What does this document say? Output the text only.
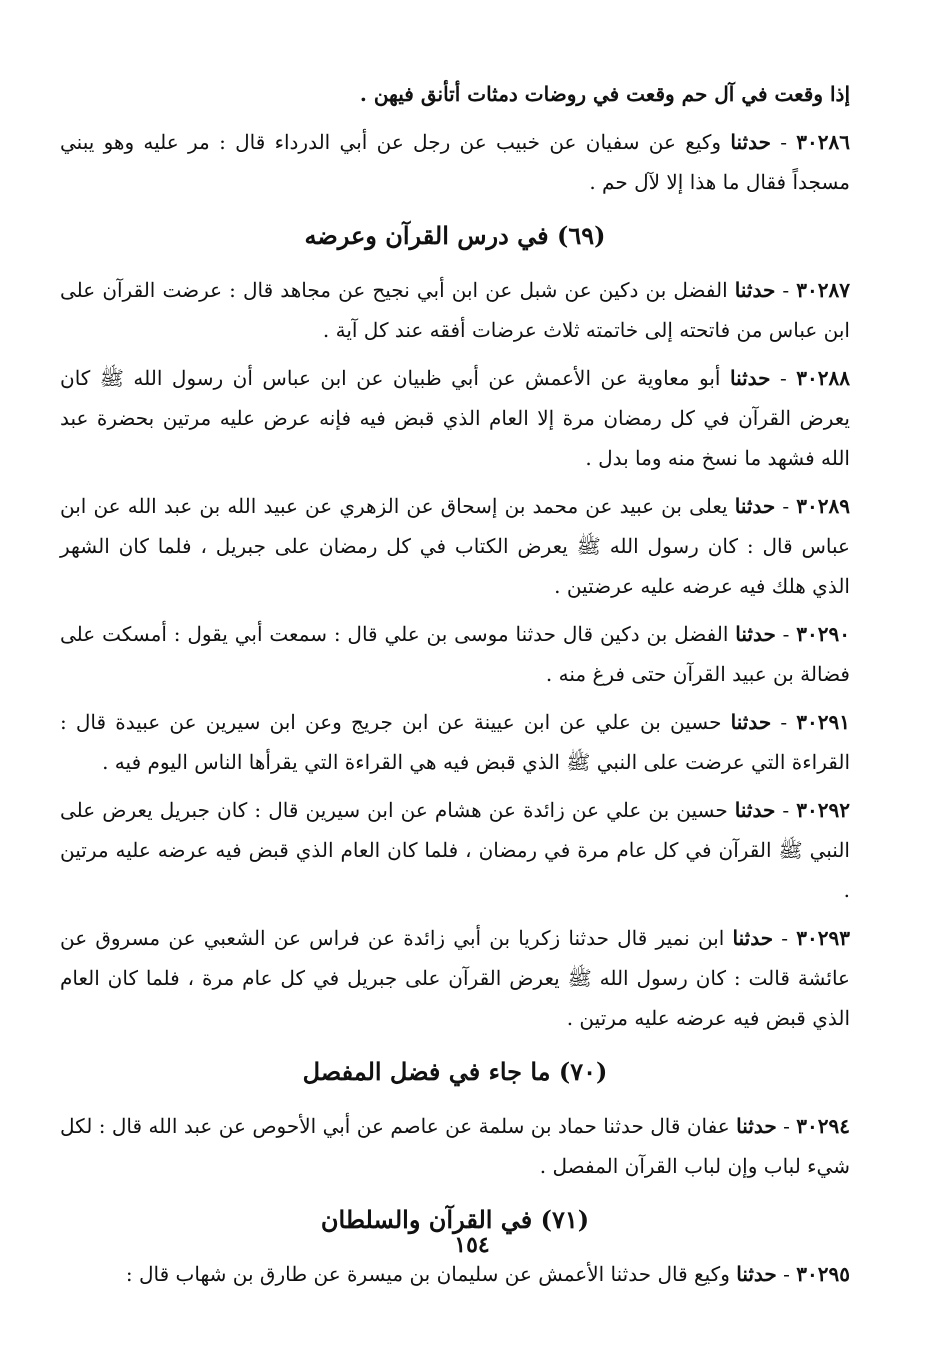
إذا وقعت في آل حم وقعت في روضات دمثات أتأنق فيهن .

٣٠٢٨٦ - حدثنا وكيع عن سفيان عن خبيب عن رجل عن أبي الدرداء قال : مر عليه وهو يبني مسجداً فقال ما هذا إلا لآل حم .

(٦٩) في درس القرآن وعرضه

٣٠٢٨٧ - حدثنا الفضل بن دكين عن شبل عن ابن أبي نجيح عن مجاهد قال : عرضت القرآن على ابن عباس من فاتحته إلى خاتمته ثلاث عرضات أفقه عند كل آية .

٣٠٢٨٨ - حدثنا أبو معاوية عن الأعمش عن أبي ظبيان عن ابن عباس أن رسول الله ﷺ كان يعرض القرآن في كل رمضان مرة إلا العام الذي قبض فيه فإنه عرض عليه مرتين بحضرة عبد الله فشهد ما نسخ منه وما بدل .

٣٠٢٨٩ - حدثنا يعلى بن عبيد عن محمد بن إسحاق عن الزهري عن عبيد الله بن عبد الله عن ابن عباس قال : كان رسول الله ﷺ يعرض الكتاب في كل رمضان على جبريل ، فلما كان الشهر الذي هلك فيه عرضه عليه عرضتين .

٣٠٢٩٠ - حدثنا الفضل بن دكين قال حدثنا موسى بن علي قال : سمعت أبي يقول : أمسكت على فضالة بن عبيد القرآن حتى فرغ منه .

٣٠٢٩١ - حدثنا حسين بن علي عن ابن عيينة عن ابن جريج وعن ابن سيرين عن عبيدة قال : القراءة التي عرضت على النبي ﷺ الذي قبض فيه هي القراءة التي يقرأها الناس اليوم فيه .

٣٠٢٩٢ - حدثنا حسين بن علي عن زائدة عن هشام عن ابن سيرين قال : كان جبريل يعرض على النبي ﷺ القرآن في كل عام مرة في رمضان ، فلما كان العام الذي قبض فيه عرضه عليه مرتين .

٣٠٢٩٣ - حدثنا ابن نمير قال حدثنا زكريا بن أبي زائدة عن فراس عن الشعبي عن مسروق عن عائشة قالت : كان رسول الله ﷺ يعرض القرآن على جبريل في كل عام مرة ، فلما كان العام الذي قبض فيه عرضه عليه مرتين .

(٧٠) ما جاء في فضل المفصل

٣٠٢٩٤ - حدثنا عفان قال حدثنا حماد بن سلمة عن عاصم عن أبي الأحوص عن عبد الله قال : لكل شيء لباب وإن لباب القرآن المفصل .

(٧١) في القرآن والسلطان

٣٠٢٩٥ - حدثنا وكيع قال حدثنا الأعمش عن سليمان بن ميسرة عن طارق بن شهاب قال :

١٥٤
